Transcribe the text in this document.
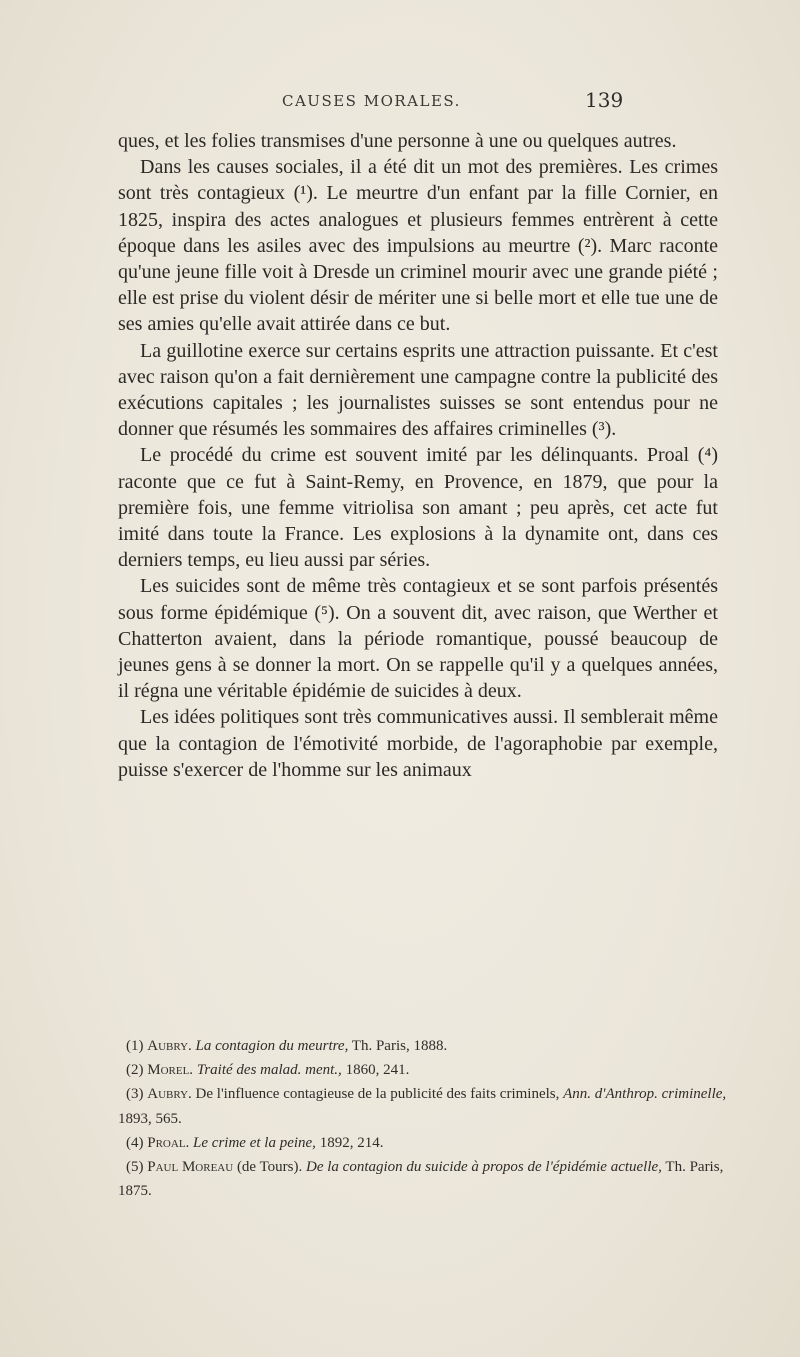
CAUSES MORALES.	139

ques, et les folies transmises d'une personne à une ou quelques autres.

Dans les causes sociales, il a été dit un mot des premières. Les crimes sont très contagieux (¹). Le meurtre d'un enfant par la fille Cornier, en 1825, inspira des actes analogues et plusieurs femmes entrèrent à cette époque dans les asiles avec des impulsions au meurtre (²). Marc raconte qu'une jeune fille voit à Dresde un criminel mourir avec une grande piété ; elle est prise du violent désir de mériter une si belle mort et elle tue une de ses amies qu'elle avait attirée dans ce but.

La guillotine exerce sur certains esprits une attraction puissante. Et c'est avec raison qu'on a fait dernièrement une campagne contre la publicité des exécutions capitales ; les journalistes suisses se sont entendus pour ne donner que résumés les sommaires des affaires criminelles (³).

Le procédé du crime est souvent imité par les délinquants. Proal (⁴) raconte que ce fut à Saint-Remy, en Provence, en 1879, que pour la première fois, une femme vitriolisa son amant ; peu après, cet acte fut imité dans toute la France. Les explosions à la dynamite ont, dans ces derniers temps, eu lieu aussi par séries.

Les suicides sont de même très contagieux et se sont parfois présentés sous forme épidémique (⁵). On a souvent dit, avec raison, que Werther et Chatterton avaient, dans la période romantique, poussé beaucoup de jeunes gens à se donner la mort. On se rappelle qu'il y a quelques années, il régna une véritable épidémie de suicides à deux.

Les idées politiques sont très communicatives aussi. Il semblerait même que la contagion de l'émotivité morbide, de l'agoraphobie par exemple, puisse s'exercer de l'homme sur les animaux

(1) Aubry. La contagion du meurtre, Th. Paris, 1888.

(2) Morel. Traité des malad. ment., 1860, 241.

(3) Aubry. De l'influence contagieuse de la publicité des faits criminels, Ann. d'Anthrop. criminelle, 1893, 565.

(4) Proal. Le crime et la peine, 1892, 214.

(5) Paul Moreau (de Tours). De la contagion du suicide à propos de l'épidémie actuelle, Th. Paris, 1875.
